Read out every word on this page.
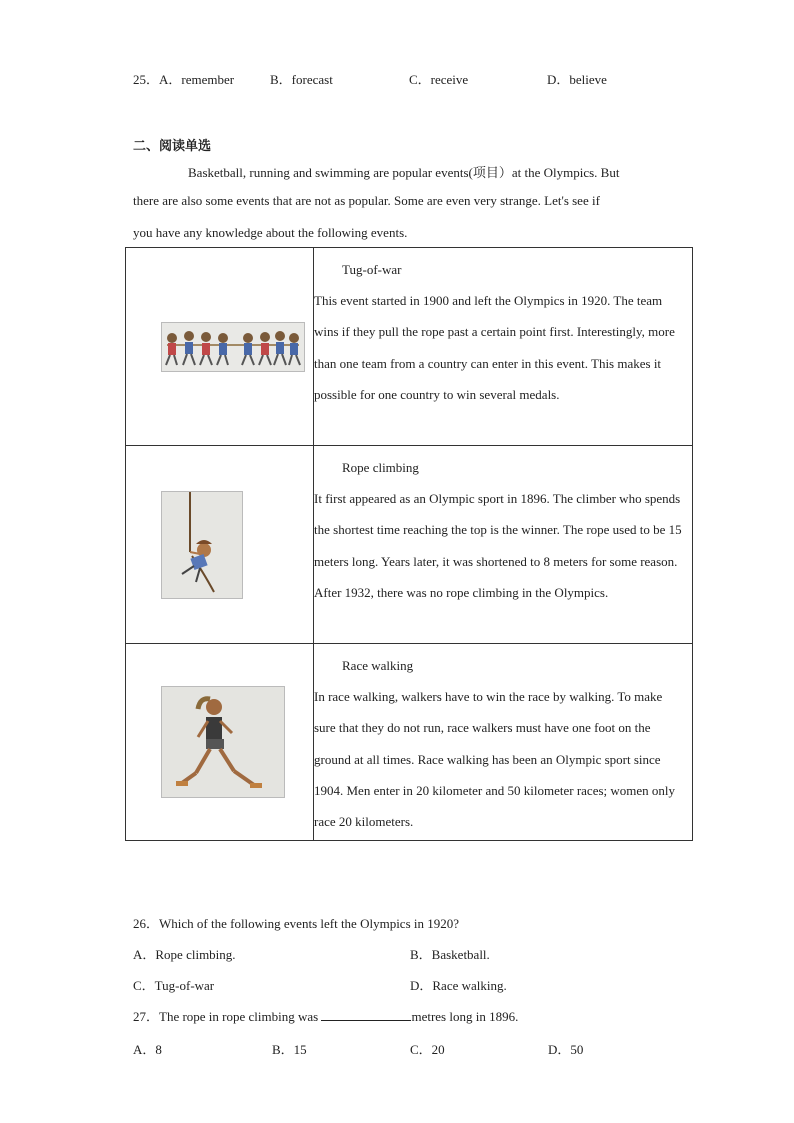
25．A．remember	B．forecast	C．receive	D．believe
二、阅读单选
Basketball, running and swimming are popular events(项目）at the Olympics. But
there are also some events that are not as popular. Some are even very strange. Let's see if
you have any knowledge about the following events.

Tug-of-war
This event started in 1900 and left the Olympics in 1920. The team wins if they pull the rope past a certain point first. Interestingly, more than one team from a country can enter in this event. This makes it possible for one country to win several medals.

Rope climbing
It first appeared as an Olympic sport in 1896. The climber who spends the shortest time reaching the top is the winner. The rope used to be 15 meters long. Years later, it was shortened to 8 meters for some reason. After 1932, there was no rope climbing in the Olympics.

Race walking
In race walking, walkers have to win the race by walking. To make sure that they do not run, race walkers must have one foot on the ground at all times. Race walking has been an Olympic sport since 1904. Men enter in 20 kilometer and 50 kilometer races; women only race 20 kilometers.
26．Which of the following events left the Olympics in 1920?
A．Rope climbing.	B．Basketball.
C．Tug-of-war	D．Race walking.
27．The rope in rope climbing was	metres long in 1896.
A．8	B．15	C．20	D．50
